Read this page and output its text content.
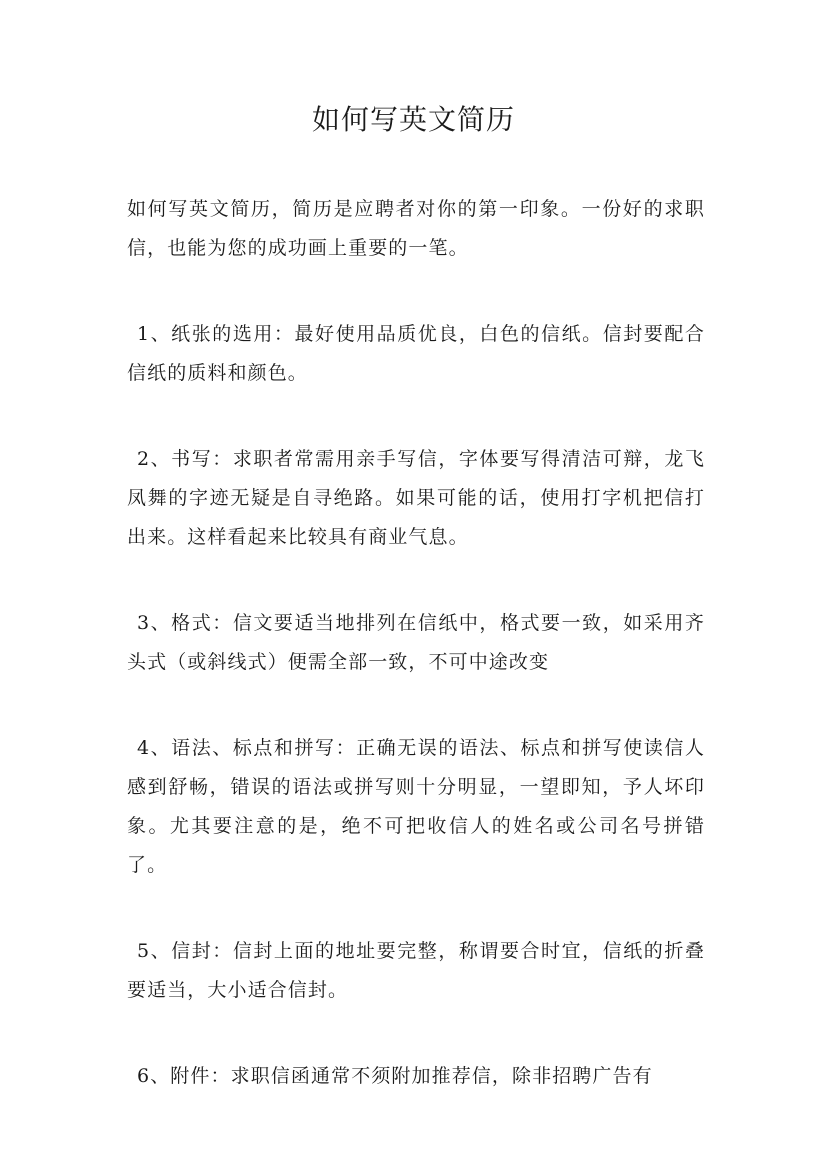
如何写英文简历

如何写英文简历，简历是应聘者对你的第一印象。一份好的求职信，也能为您的成功画上重要的一笔。

1、纸张的选用：最好使用品质优良，白色的信纸。信封要配合信纸的质料和颜色。

2、书写：求职者常需用亲手写信，字体要写得清洁可辩，龙飞凤舞的字迹无疑是自寻绝路。如果可能的话，使用打字机把信打出来。这样看起来比较具有商业气息。

3、格式：信文要适当地排列在信纸中，格式要一致，如采用齐头式（或斜线式）便需全部一致，不可中途改变

4、语法、标点和拼写：正确无误的语法、标点和拼写使读信人感到舒畅，错误的语法或拼写则十分明显，一望即知，予人坏印象。尤其要注意的是，绝不可把收信人的姓名或公司名号拼错了。

5、信封：信封上面的地址要完整，称谓要合时宜，信纸的折叠要适当，大小适合信封。

6、附件：求职信函通常不须附加推荐信，除非招聘广告有
